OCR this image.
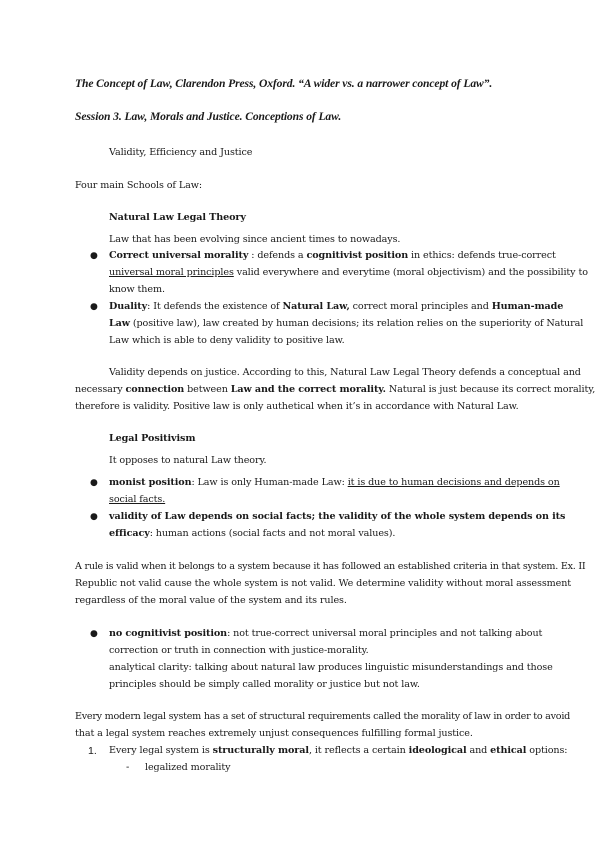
The Concept of Law, Clarendon Press, Oxford. “A wider vs. a narrower concept of Law”.
Session 3. Law, Morals and Justice. Conceptions of Law.
Validity, Efficiency and Justice
Four main Schools of Law:
Natural Law Legal Theory
Law that has been evolving since ancient times to nowadays.
● Correct universal morality : defends a cognitivist position in ethics: defends true-correct
universal moral principles valid everywhere and everytime (moral objectivism) and the possibility to
know them.
● Duality: It defends the existence of Natural Law, correct moral principles and Human-made
Law (positive law), law created by human decisions; its relation relies on the superiority of Natural
Law which is able to deny validity to positive law.
Validity depends on justice. According to this, Natural Law Legal Theory defends a conceptual and
necessary connection between Law and the correct morality. Natural is just because its correct morality,
therefore is validity. Positive law is only authetical when it’s in accordance with Natural Law.
Legal Positivism
It opposes to natural Law theory.
● monist position: Law is only Human-made Law: it is due to human decisions and depends on
social facts.
● validity of Law depends on social facts; the validity of the whole system depends on its
efficacy: human actions (social facts and not moral values).
A rule is valid when it belongs to a system because it has followed an established criteria in that system. Ex. II
Republic not valid cause the whole system is not valid. We determine validity without moral assessment
regardless of the moral value of the system and its rules.
● no cognitivist position: not true-correct universal moral principles and not talking about
correction or truth in connection with justice-morality.
analytical clarity: talking about natural law produces linguistic misunderstandings and those
principles should be simply called morality or justice but not law.
Every modern legal system has a set of structural requirements called the morality of law in order to avoid
that a legal system reaches extremely unjust consequences fulfilling formal justice.
1. Every legal system is structurally moral, it reflects a certain ideological and ethical options:
- legalized morality
